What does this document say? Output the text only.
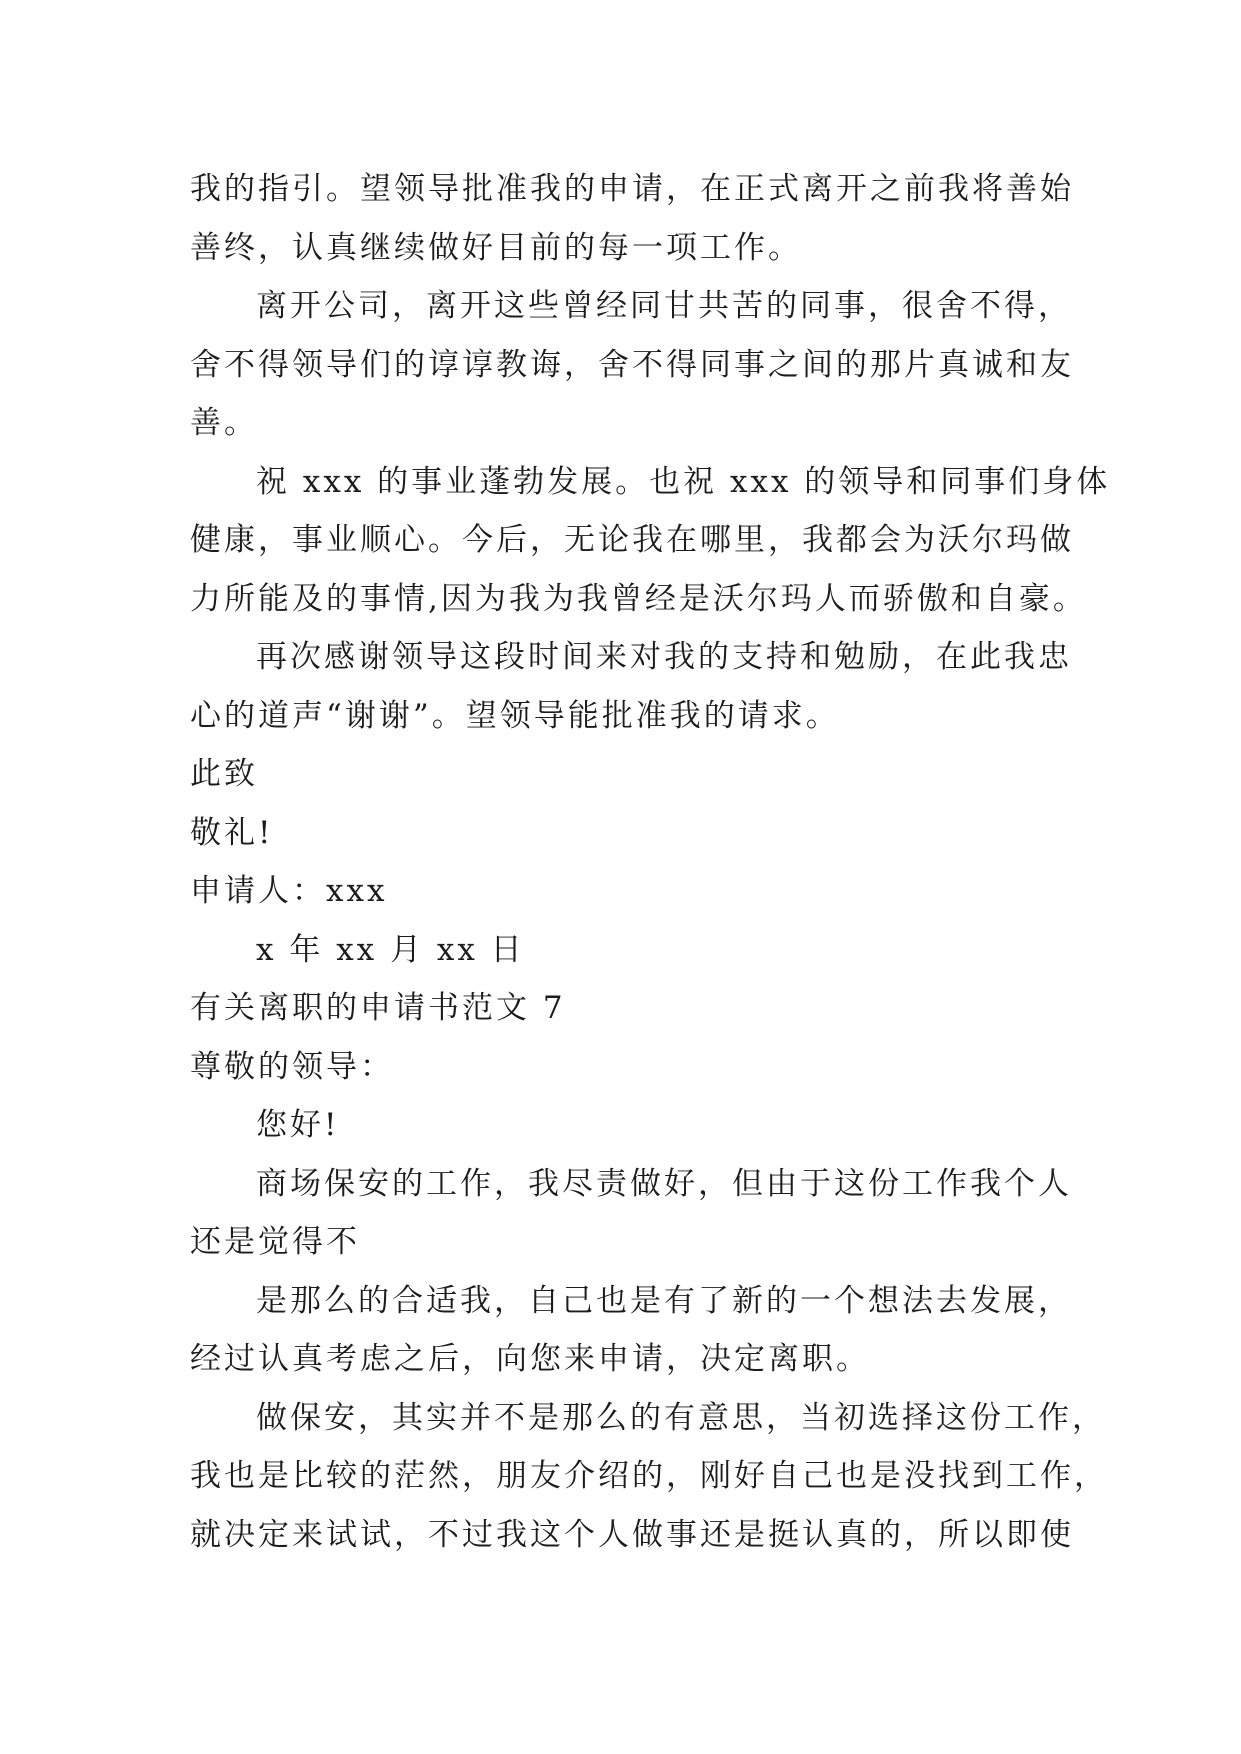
我的指引。望领导批准我的申请，在正式离开之前我将善始
善终，认真继续做好目前的每一项工作。
离开公司，离开这些曾经同甘共苦的同事，很舍不得，
舍不得领导们的谆谆教诲，舍不得同事之间的那片真诚和友
善。
祝 xxx 的事业蓬勃发展。也祝 xxx 的领导和同事们身体
健康，事业顺心。今后，无论我在哪里，我都会为沃尔玛做
力所能及的事情,因为我为我曾经是沃尔玛人而骄傲和自豪。
再次感谢领导这段时间来对我的支持和勉励，在此我忠
心的道声“谢谢”。望领导能批准我的请求。
此致
敬礼!
申请人：xxx
x 年 xx 月 xx 日
有关离职的申请书范文 7
尊敬的领导：
您好!
商场保安的工作，我尽责做好，但由于这份工作我个人
还是觉得不
是那么的合适我，自己也是有了新的一个想法去发展，
经过认真考虑之后，向您来申请，决定离职。
做保安，其实并不是那么的有意思，当初选择这份工作，
我也是比较的茫然，朋友介绍的，刚好自己也是没找到工作，
就决定来试试，不过我这个人做事还是挺认真的，所以即使
